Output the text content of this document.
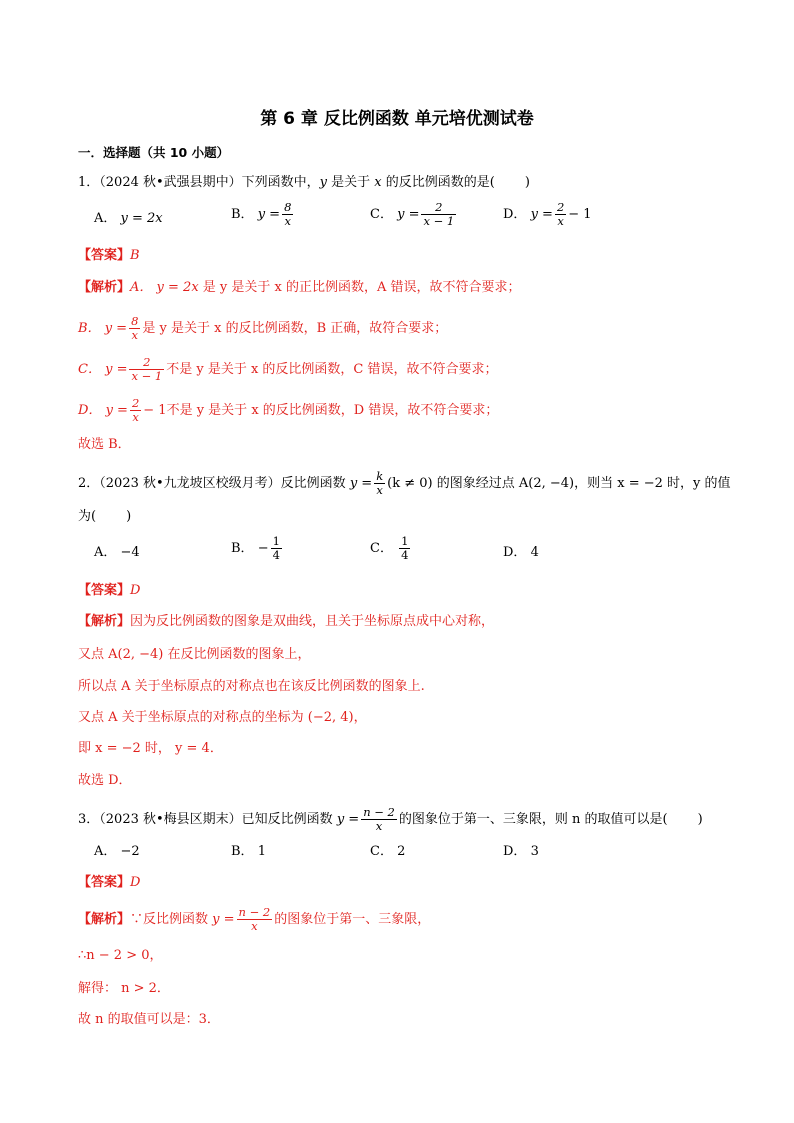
第 6 章 反比例函数 单元培优测试卷
一．选择题（共 10 小题）
1．（2024 秋•武强县期中）下列函数中，y 是关于 x 的反比例函数的是( )
A． y = 2x	B． $y = \frac{8}{x}$	C． $y = \frac{2}{x - 1}$	D． $y = \frac{2}{x} - 1$
【答案】B
【解析】A． y = 2x 是 y 是关于 x 的正比例函数，A 错误，故不符合要求；
B． $y = \frac{8}{x}$ 是 y 是关于 x 的反比例函数，B 正确，故符合要求；
C． $y = \frac{2}{x - 1}$ 不是 y 是关于 x 的反比例函数，C 错误，故不符合要求；
D． $y = \frac{2}{x} - 1$不是 y 是关于 x 的反比例函数，D 错误，故不符合要求；
故选 B．
2．（2023 秋•九龙坡区校级月考）反比例函数 $y = \frac{k}{x} (k \ne 0)$ 的图象经过点 A(2, −4)，则当 x = −2 时，y 的值
为( )
A． −4	B． − $\frac{1}{4}$	C． $\frac{1}{4}$	D． 4
【答案】D
【解析】因为反比例函数的图象是双曲线，且关于坐标原点成中心对称，
又点 A(2, −4) 在反比例函数的图象上，
所以点 A 关于坐标原点的对称点也在该反比例函数的图象上.
又点 A 关于坐标原点的对称点的坐标为 (−2, 4)，
即 x = −2 时， y = 4．
故选 D．
3．（2023 秋•梅县区期末）已知反比例函数 $y = \frac{n - 2}{x}$ 的图象位于第一、三象限，则 n 的取值可以是( )
A． −2	B． 1	C． 2	D． 3
【答案】D
【解析】∵反比例函数 $y = \frac{n - 2}{x}$ 的图象位于第一、三象限，
∴n − 2 > 0，
解得： n > 2．
故 n 的取值可以是：3．
